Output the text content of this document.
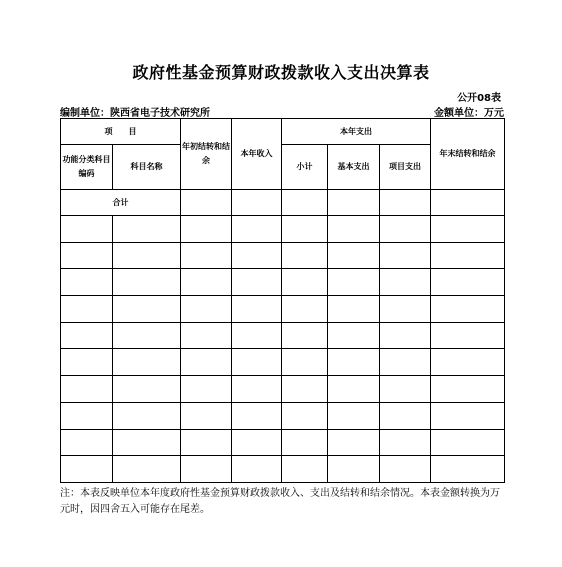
政府性基金预算财政拨款收入支出决算表
公开08表
编制单位：陕西省电子技术研究所	金额单位：万元
项　　目		年初结转和结余	本年收入	本年支出			年末结转和结余
功能分类科目编码	科目名称			小计	基本支出	项目支出	
合计							

注：本表反映单位本年度政府性基金预算财政拨款收入、支出及结转和结余情况。本表金额转换为万元时，因四舍五入可能存在尾差。
